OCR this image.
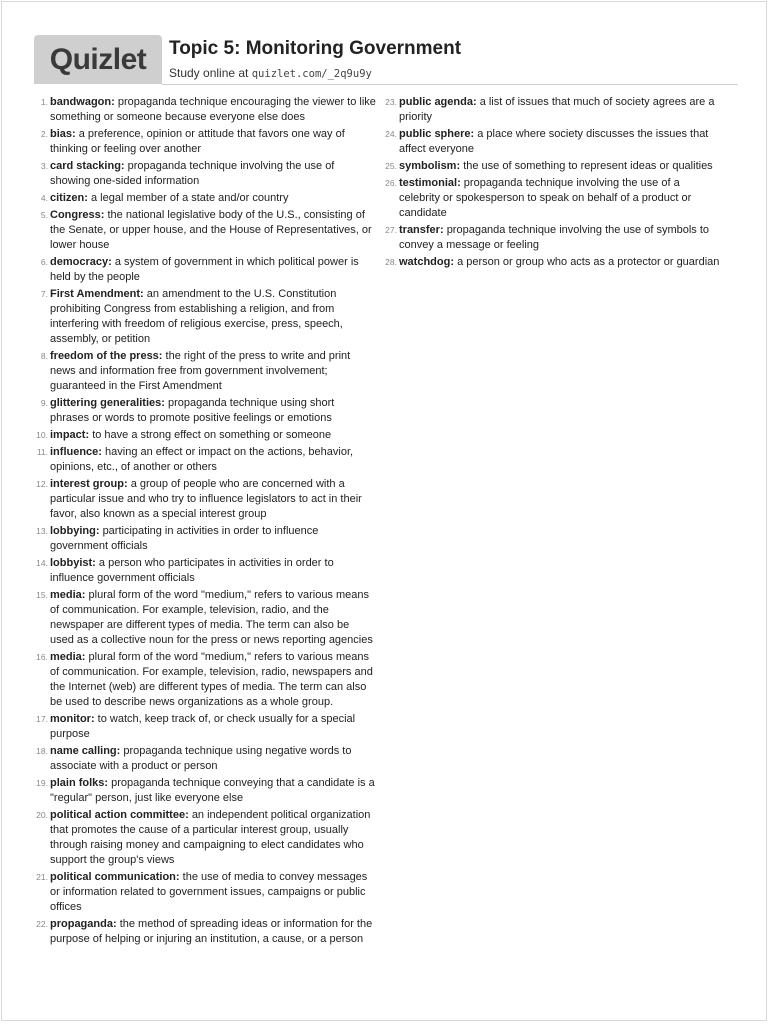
Quizlet Topic 5: Monitoring Government
Study online at quizlet.com/_2q9u9y
1. bandwagon: propaganda technique encouraging the viewer to like something or someone because everyone else does
2. bias: a preference, opinion or attitude that favors one way of thinking or feeling over another
3. card stacking: propaganda technique involving the use of showing one-sided information
4. citizen: a legal member of a state and/or country
5. Congress: the national legislative body of the U.S., consisting of the Senate, or upper house, and the House of Representatives, or lower house
6. democracy: a system of government in which political power is held by the people
7. First Amendment: an amendment to the U.S. Constitution prohibiting Congress from establishing a religion, and from interfering with freedom of religious exercise, press, speech, assembly, or petition
8. freedom of the press: the right of the press to write and print news and information free from government involvement; guaranteed in the First Amendment
9. glittering generalities: propaganda technique using short phrases or words to promote positive feelings or emotions
10. impact: to have a strong effect on something or someone
11. influence: having an effect or impact on the actions, behavior, opinions, etc., of another or others
12. interest group: a group of people who are concerned with a particular issue and who try to influence legislators to act in their favor, also known as a special interest group
13. lobbying: participating in activities in order to influence government officials
14. lobbyist: a person who participates in activities in order to influence government officials
15. media: plural form of the word "medium," refers to various means of communication. For example, television, radio, and the newspaper are different types of media. The term can also be used as a collective noun for the press or news reporting agencies
16. media: plural form of the word "medium," refers to various means of communication. For example, television, radio, newspapers and the Internet (web) are different types of media. The term can also be used to describe news organizations as a whole group.
17. monitor: to watch, keep track of, or check usually for a special purpose
18. name calling: propaganda technique using negative words to associate with a product or person
19. plain folks: propaganda technique conveying that a candidate is a "regular" person, just like everyone else
20. political action committee: an independent political organization that promotes the cause of a particular interest group, usually through raising money and campaigning to elect candidates who support the group's views
21. political communication: the use of media to convey messages or information related to government issues, campaigns or public offices
22. propaganda: the method of spreading ideas or information for the purpose of helping or injuring an institution, a cause, or a person
23. public agenda: a list of issues that much of society agrees are a priority
24. public sphere: a place where society discusses the issues that affect everyone
25. symbolism: the use of something to represent ideas or qualities
26. testimonial: propaganda technique involving the use of a celebrity or spokesperson to speak on behalf of a product or candidate
27. transfer: propaganda technique involving the use of symbols to convey a message or feeling
28. watchdog: a person or group who acts as a protector or guardian
